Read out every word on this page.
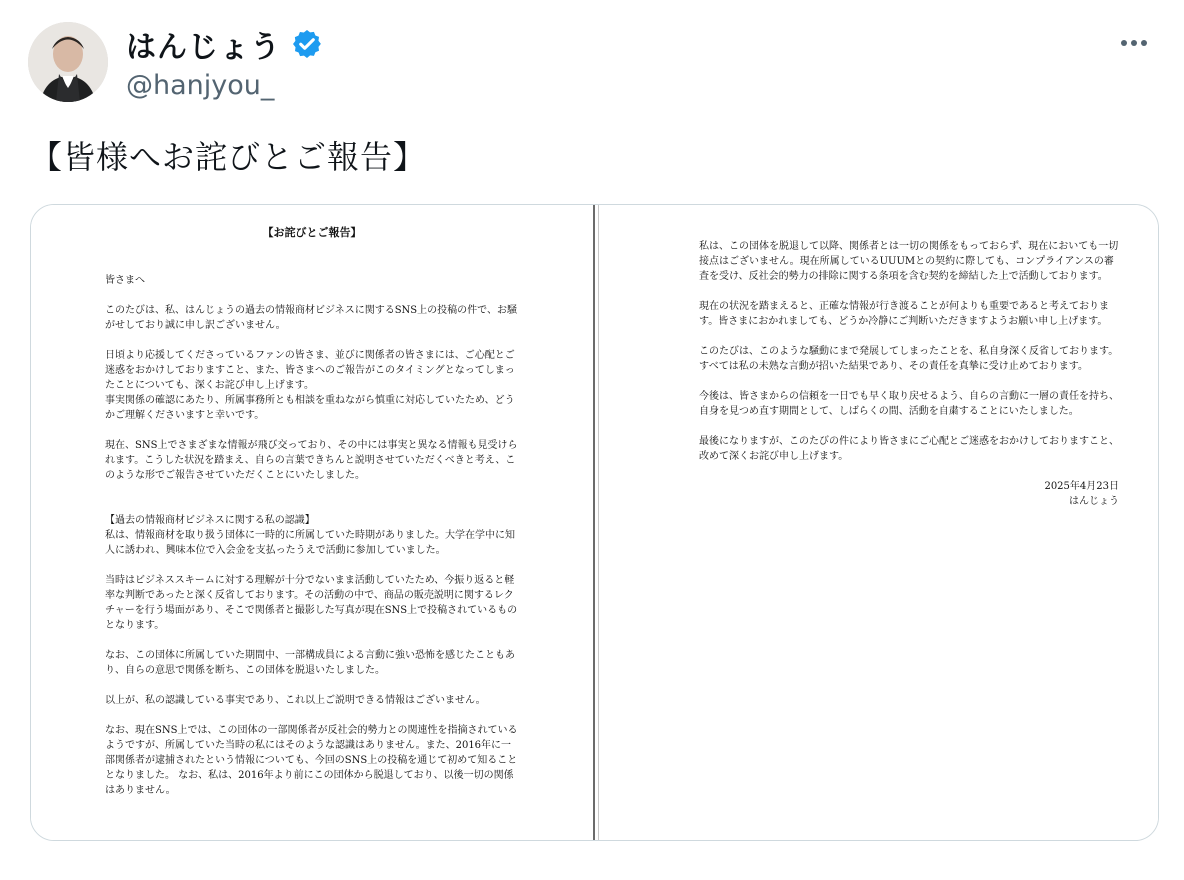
はんじょう
@hanjyou_
【皆様へお詫びとご報告】
【お詫びとご報告】

皆さまへ

このたびは、私、はんじょうの過去の情報商材ビジネスに関するSNS上の投稿の件で、お騒がせしており誠に申し訳ございません。

日頃より応援してくださっているファンの皆さま、並びに関係者の皆さまには、ご心配とご迷惑をおかけしておりますこと、また、皆さまへのご報告がこのタイミングとなってしまったことについても、深くお詫び申し上げます。
事実関係の確認にあたり、所属事務所とも相談を重ねながら慎重に対応していたため、どうかご理解くださいますと幸いです。

現在、SNS上でさまざまな情報が飛び交っており、その中には事実と異なる情報も見受けられます。こうした状況を踏まえ、自らの言葉できちんと説明させていただくべきと考え、このような形でご報告させていただくことにいたしました。

【過去の情報商材ビジネスに関する私の認識】
私は、情報商材を取り扱う団体に一時的に所属していた時期がありました。大学在学中に知人に誘われ、興味本位で入会金を支払ったうえで活動に参加していました。

当時はビジネススキームに対する理解が十分でないまま活動していたため、今振り返ると軽率な判断であったと深く反省しております。その活動の中で、商品の販売説明に関するレクチャーを行う場面があり、そこで関係者と撮影した写真が現在SNS上で投稿されているものとなります。

なお、この団体に所属していた期間中、一部構成員による言動に強い恐怖を感じたこともあり、自らの意思で関係を断ち、この団体を脱退いたしました。

以上が、私の認識している事実であり、これ以上ご説明できる情報はございません。

なお、現在SNS上では、この団体の一部関係者が反社会的勢力との関連性を指摘されているようですが、所属していた当時の私にはそのような認識はありません。また、2016年に一部関係者が逮捕されたという情報についても、今回のSNS上の投稿を通じて初めて知ることとなりました。 なお、私は、2016年より前にこの団体から脱退しており、以後一切の関係はありません。

私は、この団体を脱退して以降、関係者とは一切の関係をもっておらず、現在においても一切接点はございません。現在所属しているUUUMとの契約に際しても、コンプライアンスの審査を受け、反社会的勢力の排除に関する条項を含む契約を締結した上で活動しております。

現在の状況を踏まえると、正確な情報が行き渡ることが何よりも重要であると考えております。皆さまにおかれましても、どうか冷静にご判断いただきますようお願い申し上げます。

このたびは、このような騒動にまで発展してしまったことを、私自身深く反省しております。すべては私の未熟な言動が招いた結果であり、その責任を真摯に受け止めております。

今後は、皆さまからの信頼を一日でも早く取り戻せるよう、自らの言動に一層の責任を持ち、自身を見つめ直す期間として、しばらくの間、活動を自粛することにいたしました。

最後になりますが、このたびの件により皆さまにご心配とご迷惑をおかけしておりますこと、改めて深くお詫び申し上げます。

2025年4月23日

はんじょう
